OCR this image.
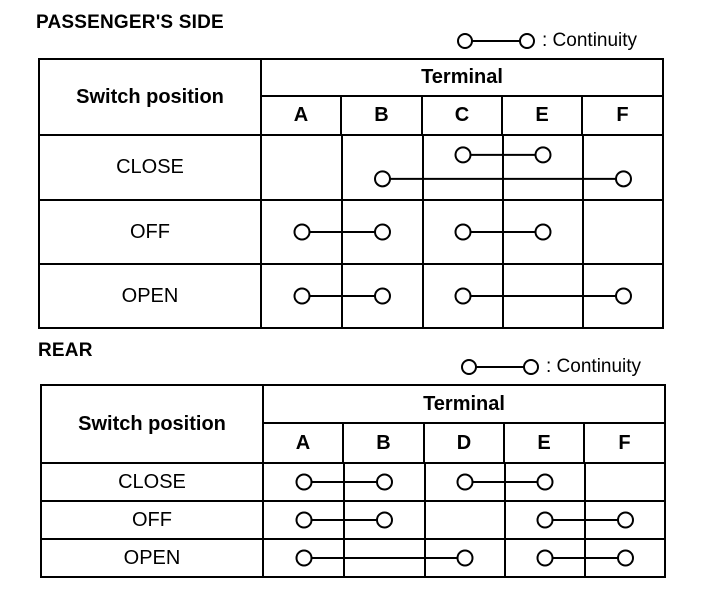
PASSENGER'S SIDE
: Continuity
Switch position	Terminal				
	A	B	C	E	F
CLOSE	

OFF	

OPEN	
REAR
: Continuity
Switch position	Terminal				
	A	B	D	E	F
CLOSE	

OFF	

OPEN	
